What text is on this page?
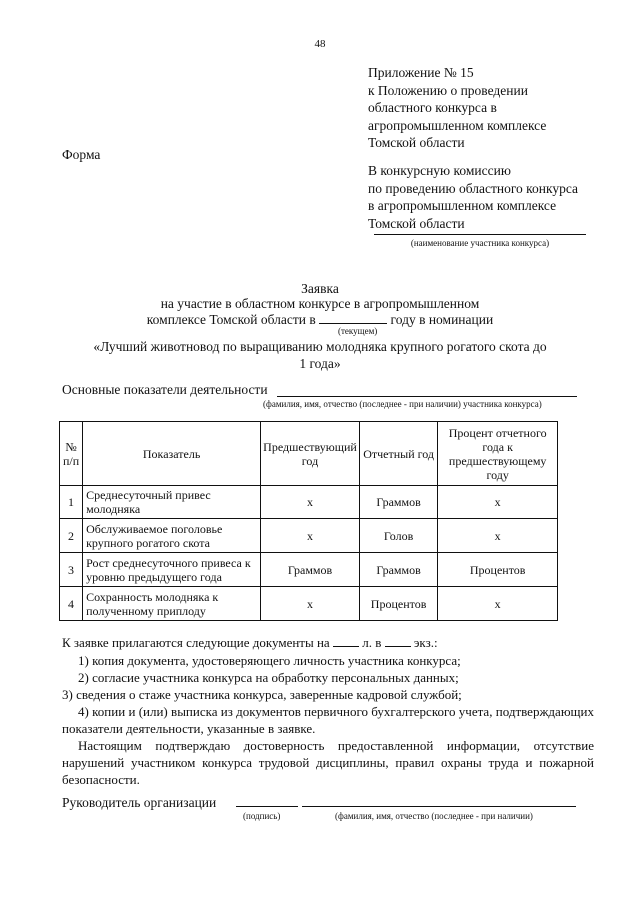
48
Приложение № 15
к Положению о проведении
областного конкурса в
агропромышленном комплексе
Томской области
Форма
В конкурсную комиссию
по проведению областного конкурса
в агропромышленном комплексе
Томской области
(наименование участника конкурса)
Заявка
на участие в областном конкурсе в агропромышленном
комплексе Томской области в	году в номинации
(текущем)
«Лучший животновод по выращиванию молодняка крупного рогатого скота до
1 года»
Основные показатели деятельности
(фамилия, имя, отчество (последнее - при наличии) участника конкурса)
№ п/п	Показатель	Предшествующий год	Отчетный год	Процент отчетного года к предшествующему году
1	Среднесуточный привес молодняка	х	Граммов	х
2	Обслуживаемое поголовье крупного рогатого скота	х	Голов	х
3	Рост среднесуточного привеса к уровню предыдущего года	Граммов	Граммов	Процентов
4	Сохранность молодняка к полученному приплоду	х	Процентов	х
К заявке прилагаются следующие документы на	л. в	экз.:
1) копия документа, удостоверяющего личность участника конкурса;
2) согласие участника конкурса на обработку персональных данных;
3) сведения о стаже участника конкурса, заверенные кадровой службой;
4) копии и (или) выписка из документов первичного бухгалтерского учета, подтверждающих показатели деятельности, указанные в заявке.
Настоящим подтверждаю достоверность предоставленной информации, отсутствие нарушений участником конкурса трудовой дисциплины, правил охраны труда и пожарной безопасности.
Руководитель организации
(подпись)	(фамилия, имя, отчество (последнее - при наличии)
